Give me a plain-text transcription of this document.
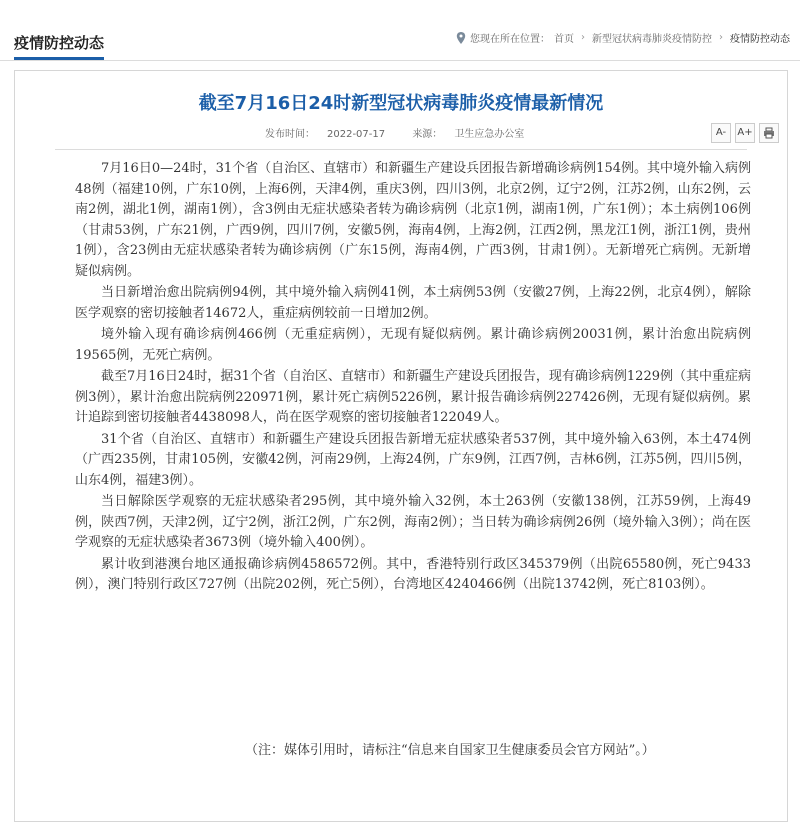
疫情防控动态	您现在所在位置： 首页 › 新型冠状病毒肺炎疫情防控 › 疫情防控动态
截至7月16日24时新型冠状病毒肺炎疫情最新情况
发布时间： 2022-07-17	来源： 卫生应急办公室	A-	A+

7月16日0—24时，31个省（自治区、直辖市）和新疆生产建设兵团报告新增确诊病例154例。其中境外输入病例48例（福建10例，广东10例，上海6例，天津4例，重庆3例，四川3例，北京2例，辽宁2例，江苏2例，山东2例，云南2例，湖北1例，湖南1例），含3例由无症状感染者转为确诊病例（北京1例，湖南1例，广东1例）；本土病例106例（甘肃53例，广东21例，广西9例，四川7例，安徽5例，海南4例，上海2例，江西2例，黑龙江1例，浙江1例，贵州1例），含23例由无症状感染者转为确诊病例（广东15例，海南4例，广西3例，甘肃1例）。无新增死亡病例。无新增疑似病例。

当日新增治愈出院病例94例，其中境外输入病例41例，本土病例53例（安徽27例，上海22例，北京4例），解除医学观察的密切接触者14672人，重症病例较前一日增加2例。

境外输入现有确诊病例466例（无重症病例），无现有疑似病例。累计确诊病例20031例，累计治愈出院病例19565例，无死亡病例。

截至7月16日24时，据31个省（自治区、直辖市）和新疆生产建设兵团报告，现有确诊病例1229例（其中重症病例3例），累计治愈出院病例220971例，累计死亡病例5226例，累计报告确诊病例227426例，无现有疑似病例。累计追踪到密切接触者4438098人，尚在医学观察的密切接触者122049人。

31个省（自治区、直辖市）和新疆生产建设兵团报告新增无症状感染者537例，其中境外输入63例，本土474例（广西235例，甘肃105例，安徽42例，河南29例，上海24例，广东9例，江西7例，吉林6例，江苏5例，四川5例，山东4例，福建3例）。

当日解除医学观察的无症状感染者295例，其中境外输入32例，本土263例（安徽138例，江苏59例，上海49例，陕西7例，天津2例，辽宁2例，浙江2例，广东2例，海南2例）；当日转为确诊病例26例（境外输入3例）；尚在医学观察的无症状感染者3673例（境外输入400例）。

累计收到港澳台地区通报确诊病例4586572例。其中，香港特别行政区345379例（出院65580例，死亡9433例），澳门特别行政区727例（出院202例，死亡5例），台湾地区4240466例（出院13742例，死亡8103例）。

（注：媒体引用时，请标注“信息来自国家卫生健康委员会官方网站”。）
